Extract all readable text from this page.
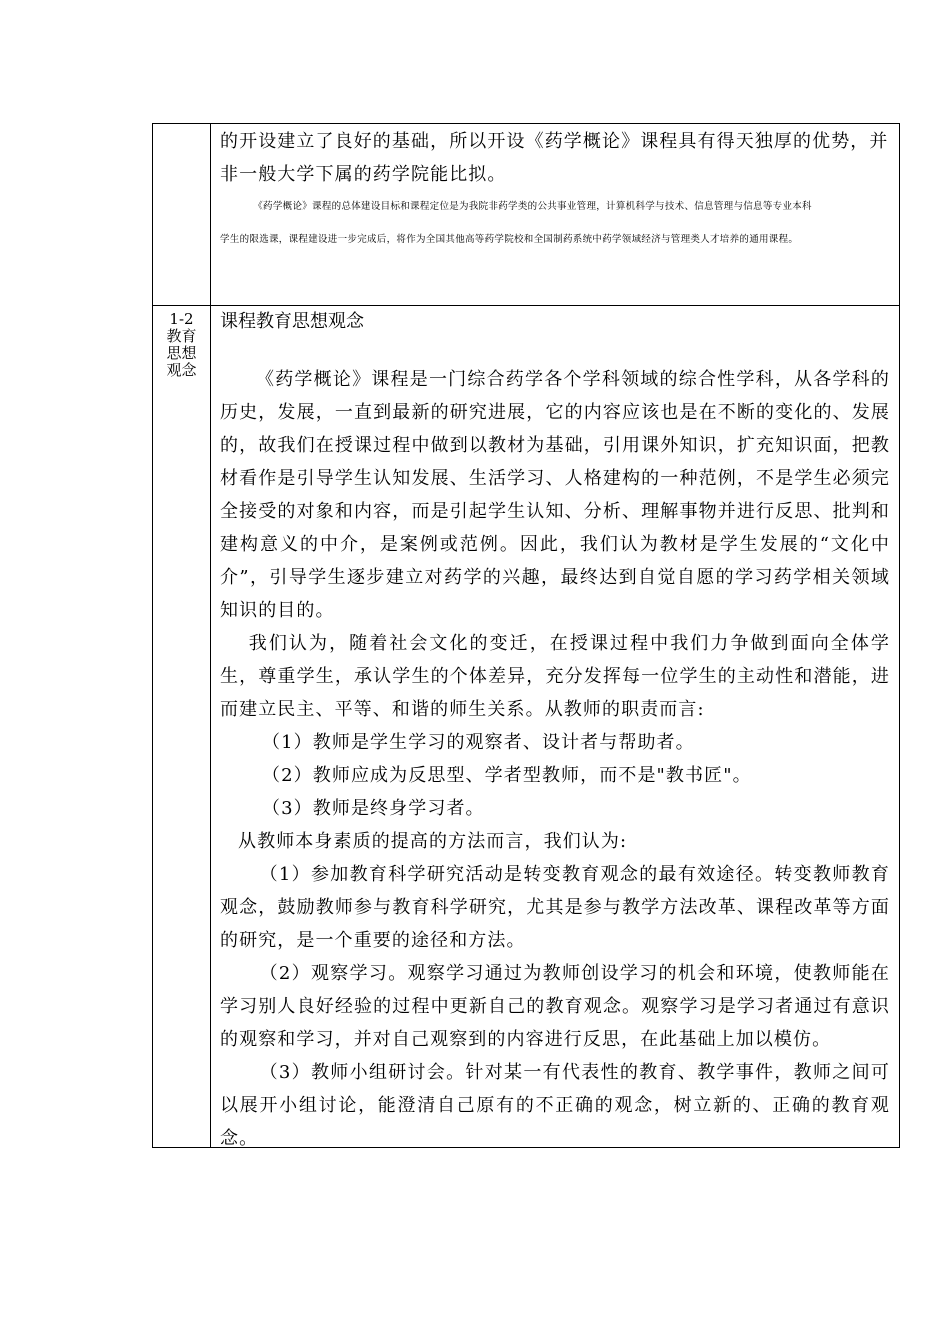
的开设建立了良好的基础，所以开设《药学概论》课程具有得天独厚的优势，并

非一般大学下属的药学院能比拟。

《药学概论》课程的总体建设目标和课程定位是为我院非药学类的公共事业管理，计算机科学与技术、信息管理与信息等专业本科

学生的限选课，课程建设进一步完成后，将作为全国其他高等药学院校和全国制药系统中药学领域经济与管理类人才培养的通用课程。

1-2
教育
思想
观念

课程教育思想观念

《药学概论》课程是一门综合药学各个学科领域的综合性学科，从各学科的历史，发展，一直到最新的研究进展，它的内容应该也是在不断的变化的、发展的，故我们在授课过程中做到以教材为基础，引用课外知识，扩充知识面，把教材看作是引导学生认知发展、生活学习、人格建构的一种范例，不是学生必须完全接受的对象和内容，而是引起学生认知、分析、理解事物并进行反思、批判和建构意义的中介，是案例或范例。因此，我们认为教材是学生发展的“文化中介”，引导学生逐步建立对药学的兴趣，最终达到自觉自愿的学习药学相关领域知识的目的。

我们认为，随着社会文化的变迁，在授课过程中我们力争做到面向全体学生，尊重学生，承认学生的个体差异，充分发挥每一位学生的主动性和潜能，进而建立民主、平等、和谐的师生关系。从教师的职责而言:

（1）教师是学生学习的观察者、设计者与帮助者。

（2）教师应成为反思型、学者型教师，而不是"教书匠"。

（3）教师是终身学习者。

从教师本身素质的提高的方法而言，我们认为:

（1）参加教育科学研究活动是转变教育观念的最有效途径。转变教师教育观念，鼓励教师参与教育科学研究，尤其是参与教学方法改革、课程改革等方面的研究，是一个重要的途径和方法。

（2）观察学习。观察学习通过为教师创设学习的机会和环境，使教师能在学习别人良好经验的过程中更新自己的教育观念。观察学习是学习者通过有意识的观察和学习，并对自己观察到的内容进行反思，在此基础上加以模仿。

（3）教师小组研讨会。针对某一有代表性的教育、教学事件，教师之间可以展开小组讨论，能澄清自己原有的不正确的观念，树立新的、正确的教育观念。
